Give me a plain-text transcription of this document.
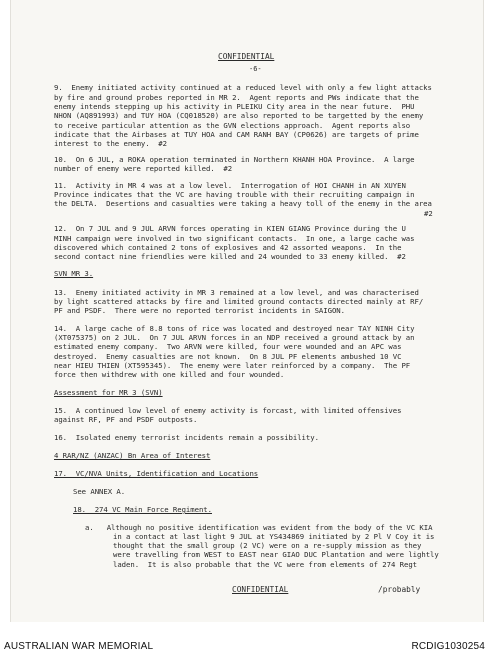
CONFIDENTIAL
-6-
9.  Enemy initiated activity continued at a reduced level with only a few light attacks
by fire and ground probes reported in MR 2.  Agent reports and PWs indicate that the
enemy intends stepping up his activity in PLEIKU City area in the near future.  PHU
NHON (AQ891993) and TUY HOA (CQ018520) are also reported to be targetted by the enemy
to receive particular attention as the GVN elections approach.  Agent reports also
indicate that the Airbases at TUY HOA and CAM RANH BAY (CP0626) are targets of prime
interest to the enemy.  #2
10.  On 6 JUL, a ROKA operation terminated in Northern KHANH HOA Province.  A large
number of enemy were reported killed.  #2
11.  Activity in MR 4 was at a low level.  Interrogation of HOI CHANH in AN XUYEN
Province indicates that the VC are having trouble with their recruiting campaign in
the DELTA.  Desertions and casualties were taking a heavy toll of the enemy in the area
#2
12.  On 7 JUL and 9 JUL ARVN forces operating in KIEN GIANG Province during the U
MINH campaign were involved in two significant contacts.  In one, a large cache was
discovered which contained 2 tons of explosives and 42 assorted weapons.  In the
second contact nine friendlies were killed and 24 wounded to 33 enemy killed.  #2
SVN MR 3.
13.  Enemy initiated activity in MR 3 remained at a low level, and was characterised
by light scattered attacks by fire and limited ground contacts directed mainly at RF/
PF and PSDF.  There were no reported terrorist incidents in SAIGON.
14.  A large cache of 8.8 tons of rice was located and destroyed near TAY NINH City
(XT075375) on 2 JUL.  On 7 JUL ARVN forces in an NDP received a ground attack by an
estimated enemy company.  Two ARVN were killed, four were wounded and an APC was
destroyed.  Enemy casualties are not known.  On 8 JUL PF elements ambushed 10 VC
near HIEU THIEN (XT595345).  The enemy were later reinforced by a company.  The PF
force then withdrew with one killed and four wounded.
Assessment for MR 3 (SVN)
15.  A continued low level of enemy activity is forcast, with limited offensives
against RF, PF and PSDF outposts.
16.  Isolated enemy terrorist incidents remain a possibility.
4 RAR/NZ (ANZAC) Bn Area of Interest
17.  VC/NVA Units, Identification and Locations
See ANNEX A.
18.  274 VC Main Force Regiment.
a.   Although no positive identification was evident from the body of the VC KIA
in a contact at last light 9 JUL at YS434869 initiated by 2 Pl V Coy it is
thought that the small group (2 VC) were on a re-supply mission as they
were travelling from WEST to EAST near GIAO DUC Plantation and were lightly
laden.  It is also probable that the VC were from elements of 274 Regt
CONFIDENTIAL	/probably
AUSTRALIAN WAR MEMORIAL	RCDIG1030254
